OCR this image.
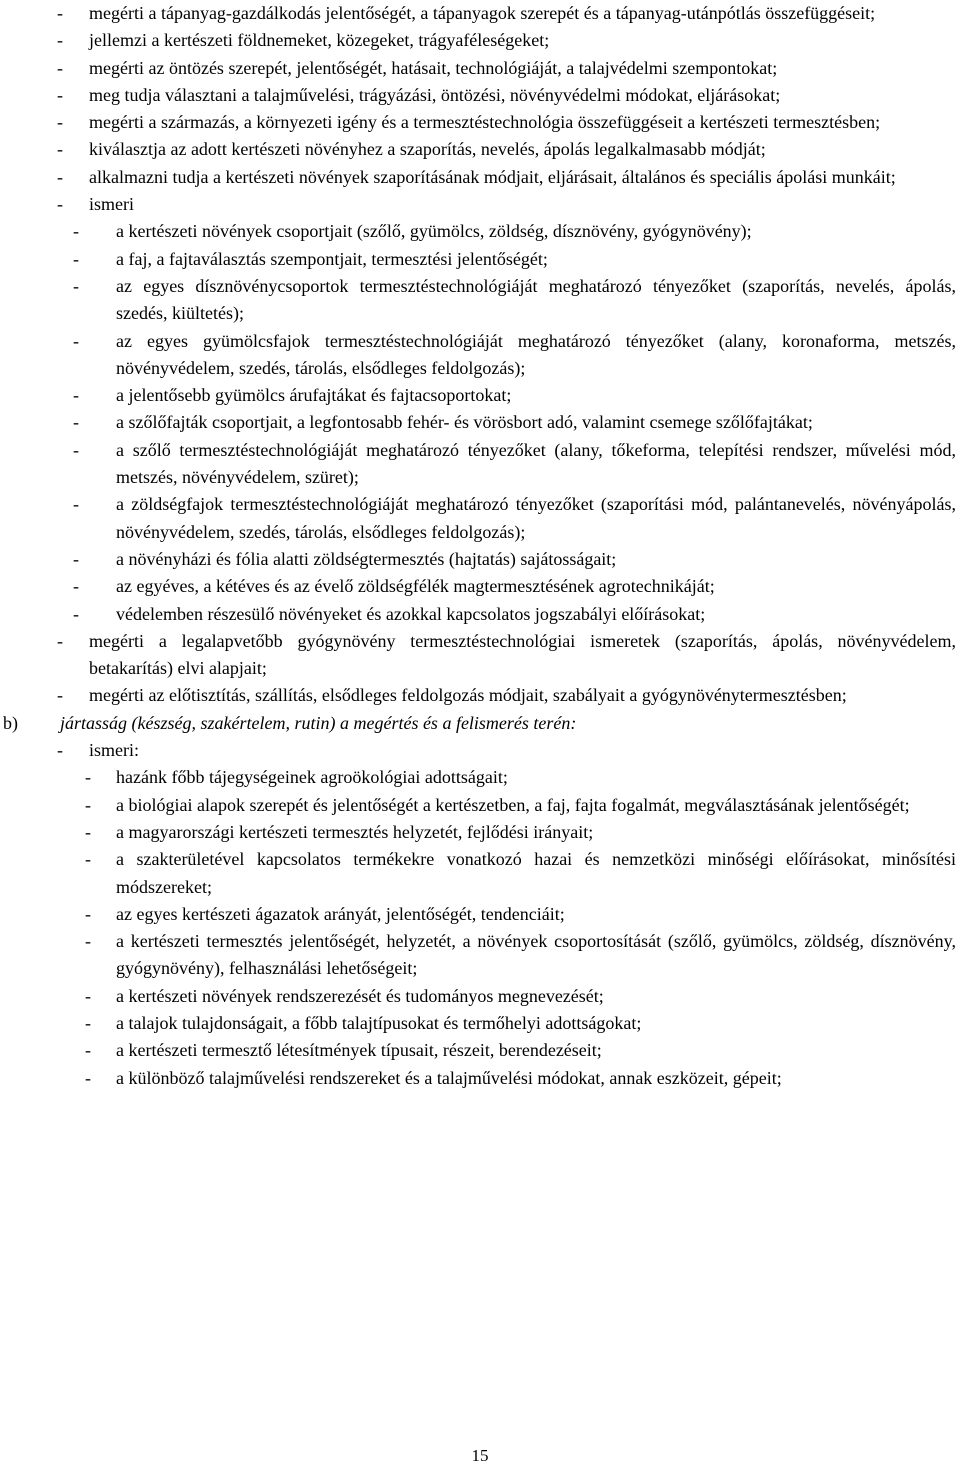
- megérti a tápanyag-gazdálkodás jelentőségét, a tápanyagok szerepét és a tápanyag-utánpótlás összefüggéseit;
- jellemzi a kertészeti földnemeket, közegeket, trágyaféleségeket;
- megérti az öntözés szerepét, jelentőségét, hatásait, technológiáját, a talajvédelmi szempontokat;
- meg tudja választani a talajművelési, trágyázási, öntözési, növényvédelmi módokat, eljárásokat;
- megérti a származás, a környezeti igény és a termesztéstechnológia összefüggéseit a kertészeti termesztésben;
- kiválasztja az adott kertészeti növényhez a szaporítás, nevelés, ápolás legalkalmasabb módját;
- alkalmazni tudja a kertészeti növények szaporításának módjait, eljárásait, általános és speciális ápolási munkáit;
- ismeri
- a kertészeti növények csoportjait (szőlő, gyümölcs, zöldség, dísznövény, gyógynövény);
- a faj, a fajtaválasztás szempontjait, termesztési jelentőségét;
- az egyes dísznövénycsoportok termesztéstechnológiáját meghatározó tényezőket (szaporítás, nevelés, ápolás, szedés, kiültetés);
- az egyes gyümölcsfajok termesztéstechnológiáját meghatározó tényezőket (alany, koronaforma, metszés, növényvédelem, szedés, tárolás, elsődleges feldolgozás);
- a jelentősebb gyümölcs árufajtákat és fajtacsoportokat;
- a szőlőfajták csoportjait, a legfontosabb fehér- és vörösbort adó, valamint csemege szőlőfajtákat;
- a szőlő termesztéstechnológiáját meghatározó tényezőket (alany, tőkeforma, telepítési rendszer, művelési mód, metszés, növényvédelem, szüret);
- a zöldségfajok termesztéstechnológiáját meghatározó tényezőket (szaporítási mód, palántanevelés, növényápolás, növényvédelem, szedés, tárolás, elsődleges feldolgozás);
- a növényházi és fólia alatti zöldségtermesztés (hajtatás) sajátosságait;
- az egyéves, a kétéves és az évelő zöldségfélék magtermesztésének agrotechnikáját;
- védelemben részesülő növényeket és azokkal kapcsolatos jogszabályi előírásokat;
- megérti a legalapvetőbb gyógynövény termesztéstechnológiai ismeretek (szaporítás, ápolás, növényvédelem, betakarítás) elvi alapjait;
- megérti az előtisztítás, szállítás, elsődleges feldolgozás módjait, szabályait a gyógynövénytermesztésben;
b) jártasság (készség, szakértelem, rutin) a megértés és a felismerés terén:
- ismeri:
- hazánk főbb tájegységeinek agroökológiai adottságait;
- a biológiai alapok szerepét és jelentőségét a kertészetben, a faj, fajta fogalmát, megválasztásának jelentőségét;
- a magyarországi kertészeti termesztés helyzetét, fejlődési irányait;
- a szakterületével kapcsolatos termékekre vonatkozó hazai és nemzetközi minőségi előírásokat, minősítési módszereket;
- az egyes kertészeti ágazatok arányát, jelentőségét, tendenciáit;
- a kertészeti termesztés jelentőségét, helyzetét, a növények csoportosítását (szőlő, gyümölcs, zöldség, dísznövény, gyógynövény), felhasználási lehetőségeit;
- a kertészeti növények rendszerezését és tudományos megnevezését;
- a talajok tulajdonságait, a főbb talajtípusokat és termőhelyi adottságokat;
- a kertészeti termesztő létesítmények típusait, részeit, berendezéseit;
- a különböző talajművelési rendszereket és a talajművelési módokat, annak eszközeit, gépeit;
15
